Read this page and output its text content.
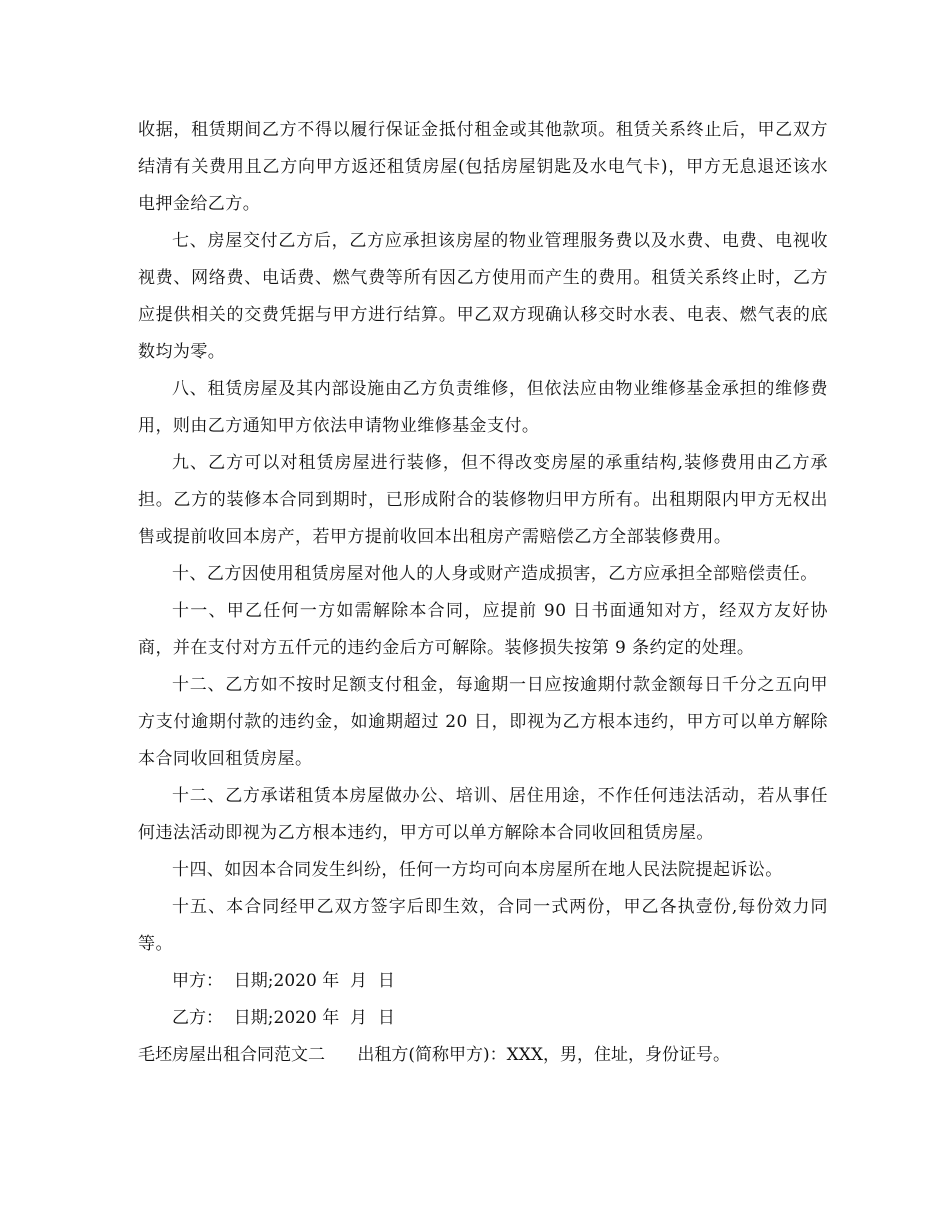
收据，租赁期间乙方不得以履行保证金抵付租金或其他款项。租赁关系终止后，甲乙双方结清有关费用且乙方向甲方返还租赁房屋(包括房屋钥匙及水电气卡)，甲方无息退还该水电押金给乙方。

七、房屋交付乙方后，乙方应承担该房屋的物业管理服务费以及水费、电费、电视收视费、网络费、电话费、燃气费等所有因乙方使用而产生的费用。租赁关系终止时，乙方应提供相关的交费凭据与甲方进行结算。甲乙双方现确认移交时水表、电表、燃气表的底数均为零。

八、租赁房屋及其内部设施由乙方负责维修，但依法应由物业维修基金承担的维修费用，则由乙方通知甲方依法申请物业维修基金支付。

九、乙方可以对租赁房屋进行装修，但不得改变房屋的承重结构,装修费用由乙方承担。乙方的装修本合同到期时，已形成附合的装修物归甲方所有。出租期限内甲方无权出售或提前收回本房产，若甲方提前收回本出租房产需赔偿乙方全部装修费用。

十、乙方因使用租赁房屋对他人的人身或财产造成损害，乙方应承担全部赔偿责任。

十一、甲乙任何一方如需解除本合同，应提前 90 日书面通知对方，经双方友好协商，并在支付对方五仟元的违约金后方可解除。装修损失按第 9 条约定的处理。

十二、乙方如不按时足额支付租金，每逾期一日应按逾期付款金额每日千分之五向甲方支付逾期付款的违约金，如逾期超过 20 日，即视为乙方根本违约，甲方可以单方解除本合同收回租赁房屋。

十二、乙方承诺租赁本房屋做办公、培训、居住用途，不作任何违法活动，若从事任何违法活动即视为乙方根本违约，甲方可以单方解除本合同收回租赁房屋。

十四、如因本合同发生纠纷，任何一方均可向本房屋所在地人民法院提起诉讼。

十五、本合同经甲乙双方签字后即生效，合同一式两份，甲乙各执壹份,每份效力同等。

甲方：  日期;2020 年  月  日

乙方：  日期;2020 年  月  日

毛坯房屋出租合同范文二      出租方(简称甲方)：XXX，男，住址，身份证号。
